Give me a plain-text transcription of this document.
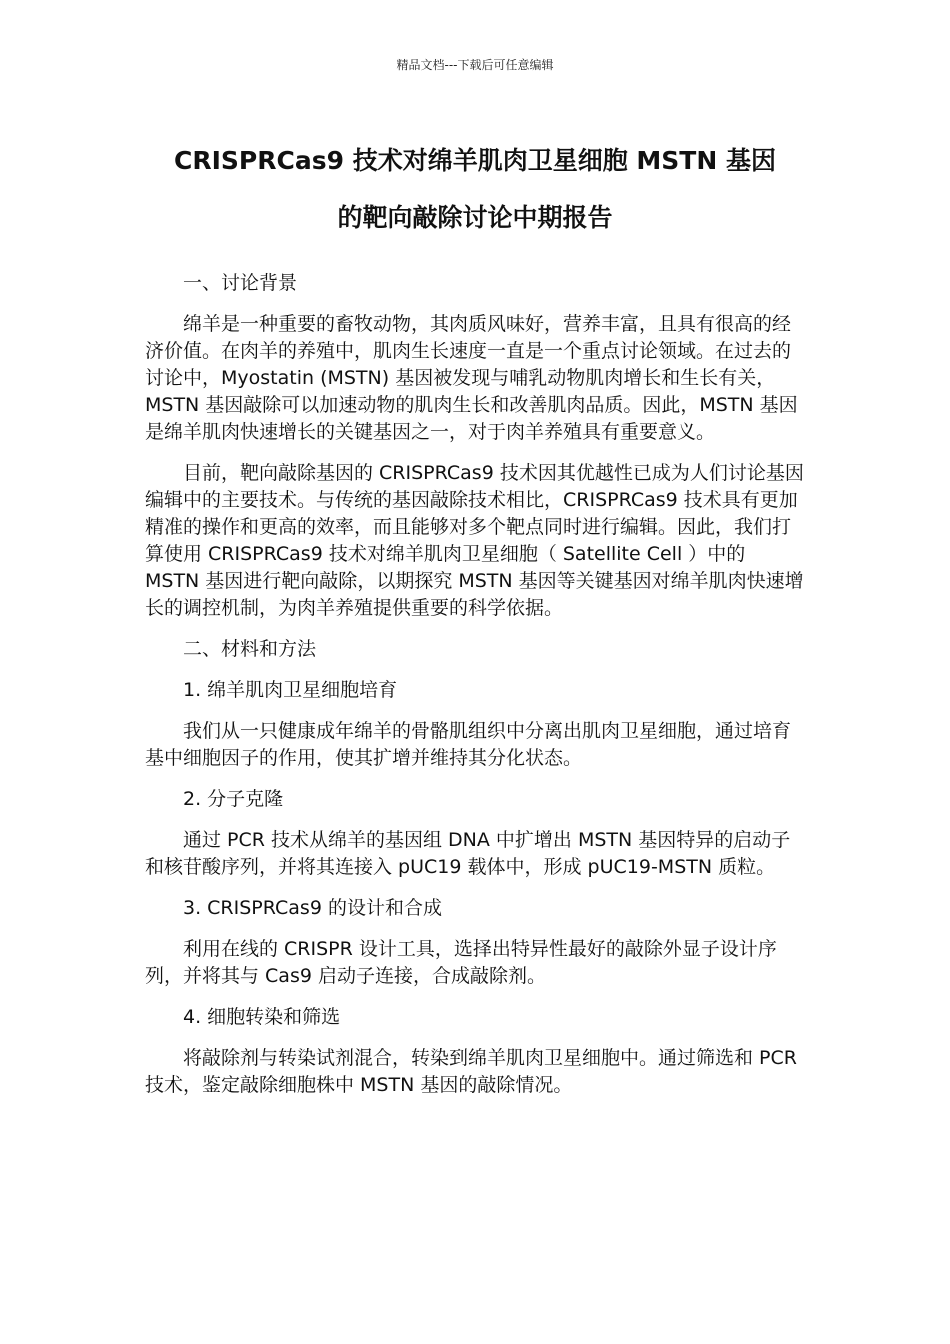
精品文档---下载后可任意编辑
CRISPRCas9 技术对绵羊肌肉卫星细胞 MSTN 基因
的靶向敲除讨论中期报告
一、讨论背景

绵羊是一种重要的畜牧动物，其肉质风味好，营养丰富，且具有很高的经济价值。在肉羊的养殖中，肌肉生长速度一直是一个重点讨论领域。在过去的讨论中，Myostatin (MSTN) 基因被发现与哺乳动物肌肉增长和生长有关，MSTN 基因敲除可以加速动物的肌肉生长和改善肌肉品质。因此，MSTN 基因是绵羊肌肉快速增长的关键基因之一，对于肉羊养殖具有重要意义。

目前，靶向敲除基因的 CRISPRCas9 技术因其优越性已成为人们讨论基因编辑中的主要技术。与传统的基因敲除技术相比，CRISPRCas9 技术具有更加精准的操作和更高的效率，而且能够对多个靶点同时进行编辑。因此，我们打算使用 CRISPRCas9 技术对绵羊肌肉卫星细胞（ Satellite Cell ）中的 MSTN 基因进行靶向敲除，以期探究 MSTN 基因等关键基因对绵羊肌肉快速增长的调控机制，为肉羊养殖提供重要的科学依据。

二、材料和方法
1. 绵羊肌肉卫星细胞培育

我们从一只健康成年绵羊的骨骼肌组织中分离出肌肉卫星细胞，通过培育基中细胞因子的作用，使其扩增并维持其分化状态。

2. 分子克隆

通过 PCR 技术从绵羊的基因组 DNA 中扩增出 MSTN 基因特异的启动子和核苷酸序列，并将其连接入 pUC19 载体中，形成 pUC19-MSTN 质粒。

3. CRISPRCas9 的设计和合成

利用在线的 CRISPR 设计工具，选择出特异性最好的敲除外显子设计序列，并将其与 Cas9 启动子连接，合成敲除剂。

4. 细胞转染和筛选

将敲除剂与转染试剂混合，转染到绵羊肌肉卫星细胞中。通过筛选和 PCR 技术，鉴定敲除细胞株中 MSTN 基因的敲除情况。
